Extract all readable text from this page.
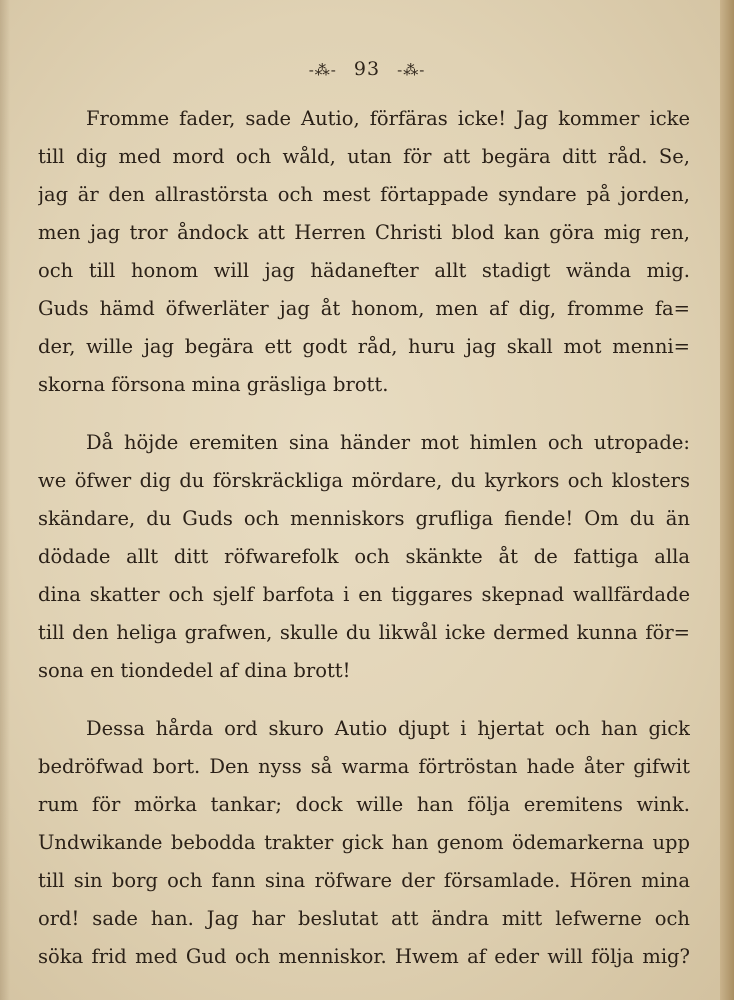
-⁂- 93 -⁂-
Fromme fader, sade Autio, förfäras icke! Jag kommer icke
till dig med mord och wåld, utan för att begära ditt råd. Se,
jag är den allrastörsta och mest förtappade syndare på jorden,
men jag tror åndock att Herren Christi blod kan göra mig ren,
och till honom will jag hädanefter allt stadigt wända mig.
Guds hämd öfwerläter jag åt honom, men af dig, fromme fa=
der, wille jag begära ett godt råd, huru jag skall mot menni=
skorna försona mina gräsliga brott.
Då höjde eremiten sina händer mot himlen och utropade:
we öfwer dig du förskräckliga mördare, du kyrkors och klosters
skändare, du Guds och menniskors grufliga fiende! Om du än
dödade allt ditt röfwarefolk och skänkte åt de fattiga alla
dina skatter och sjelf barfota i en tiggares skepnad wallfärdade
till den heliga grafwen, skulle du likwål icke dermed kunna för=
sona en tiondedel af dina brott!
Dessa hårda ord skuro Autio djupt i hjertat och han gick
bedröfwad bort. Den nyss så warma förtröstan hade åter gifwit
rum för mörka tankar; dock wille han följa eremitens wink.
Undwikande bebodda trakter gick han genom ödemarkerna upp
till sin borg och fann sina röfware der församlade. Hören mina
ord! sade han. Jag har beslutat att ändra mitt lefwerne och
söka frid med Gud och menniskor. Hwem af eder will följa mig?
